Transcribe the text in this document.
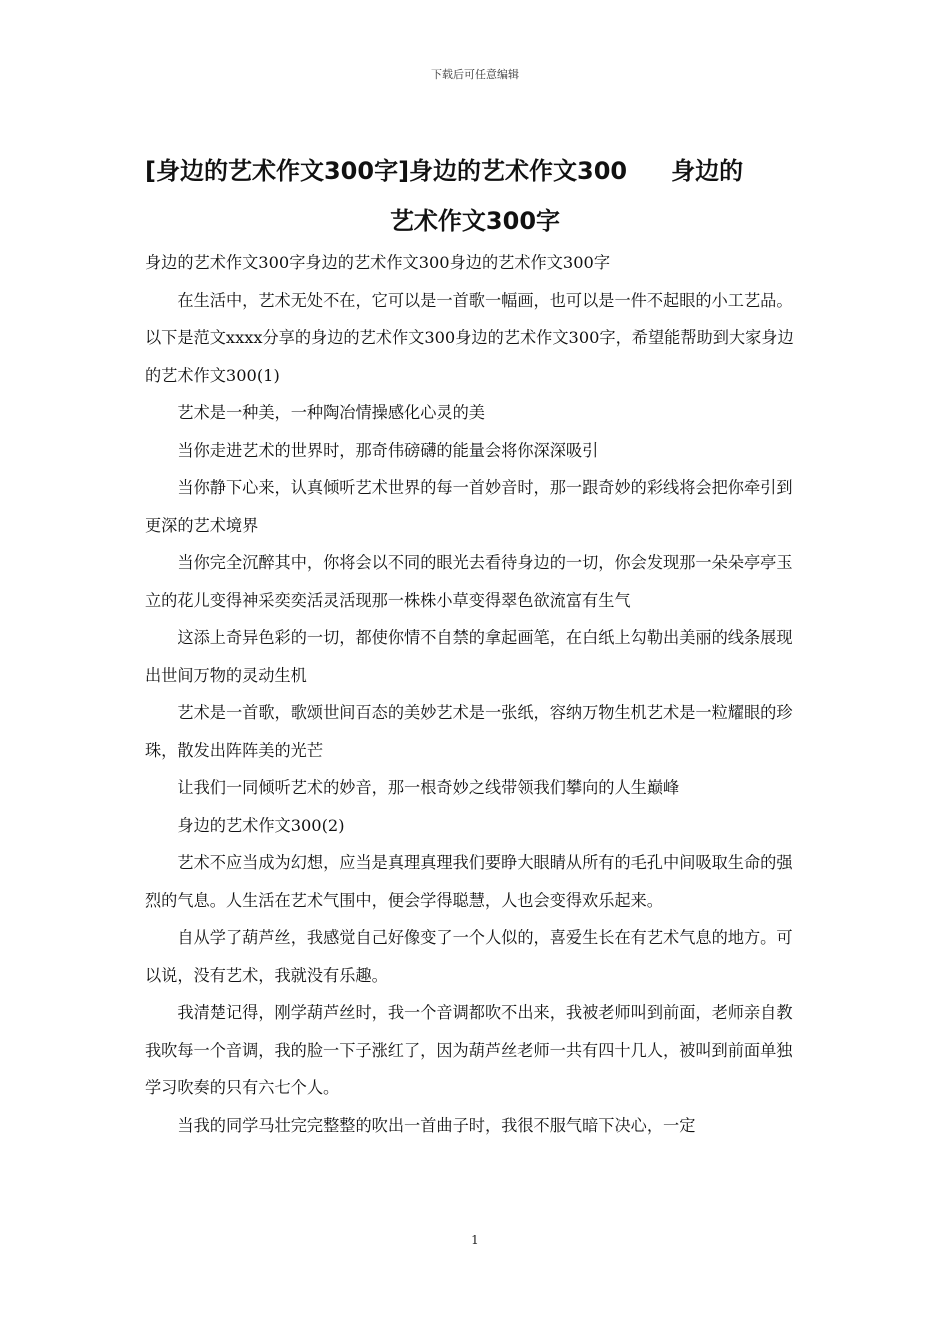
下载后可任意编辑
[身边的艺术作文300字]身边的艺术作文300 身边的
艺术作文300字

身边的艺术作文300字身边的艺术作文300身边的艺术作文300字

在生活中，艺术无处不在，它可以是一首歌一幅画，也可以是一件不起眼的小工艺品。以下是范文xxxx分享的身边的艺术作文300身边的艺术作文300字，希望能帮助到大家身边的艺术作文300(1)

艺术是一种美，一种陶冶情操感化心灵的美

当你走进艺术的世界时，那奇伟磅礴的能量会将你深深吸引

当你静下心来，认真倾听艺术世界的每一首妙音时，那一跟奇妙的彩线将会把你牵引到更深的艺术境界

当你完全沉醉其中，你将会以不同的眼光去看待身边的一切，你会发现那一朵朵亭亭玉立的花儿变得神采奕奕活灵活现那一株株小草变得翠色欲流富有生气

这添上奇异色彩的一切，都使你情不自禁的拿起画笔，在白纸上勾勒出美丽的线条展现出世间万物的灵动生机

艺术是一首歌，歌颂世间百态的美妙艺术是一张纸，容纳万物生机艺术是一粒耀眼的珍珠，散发出阵阵美的光芒

让我们一同倾听艺术的妙音，那一根奇妙之线带领我们攀向的人生巅峰

身边的艺术作文300(2)

艺术不应当成为幻想，应当是真理真理我们要睁大眼睛从所有的毛孔中间吸取生命的强烈的气息。人生活在艺术气围中，便会学得聪慧，人也会变得欢乐起来。

自从学了葫芦丝，我感觉自己好像变了一个人似的，喜爱生长在有艺术气息的地方。可以说，没有艺术，我就没有乐趣。

我清楚记得，刚学葫芦丝时，我一个音调都吹不出来，我被老师叫到前面，老师亲自教我吹每一个音调，我的脸一下子涨红了，因为葫芦丝老师一共有四十几人，被叫到前面单独学习吹奏的只有六七个人。

当我的同学马壮完完整整的吹出一首曲子时，我很不服气暗下决心，一定

1
